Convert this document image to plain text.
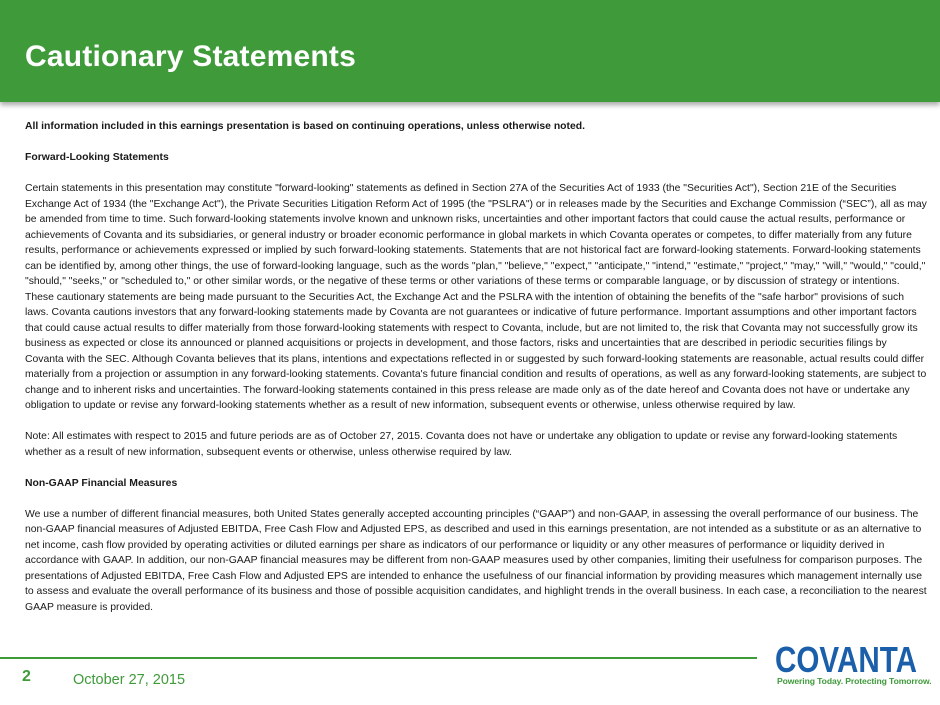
Cautionary Statements

All information included in this earnings presentation is based on continuing operations, unless otherwise noted.

Forward-Looking Statements

Certain statements in this presentation may constitute "forward-looking" statements as defined in Section 27A of the Securities Act of 1933 (the "Securities Act"), Section 21E of the Securities Exchange Act of 1934 (the "Exchange Act"), the Private Securities Litigation Reform Act of 1995 (the "PSLRA") or in releases made by the Securities and Exchange Commission (“SEC”), all as may be amended from time to time. Such forward-looking statements involve known and unknown risks, uncertainties and other important factors that could cause the actual results, performance or achievements of Covanta and its subsidiaries, or general industry or broader economic performance in global markets in which Covanta operates or competes, to differ materially from any future results, performance or achievements expressed or implied by such forward-looking statements. Statements that are not historical fact are forward-looking statements. Forward-looking statements can be identified by, among other things, the use of forward-looking language, such as the words "plan," "believe," "expect," "anticipate," "intend," "estimate," "project," "may," "will," "would," "could," "should," "seeks," or "scheduled to," or other similar words, or the negative of these terms or other variations of these terms or comparable language, or by discussion of strategy or intentions. These cautionary statements are being made pursuant to the Securities Act, the Exchange Act and the PSLRA with the intention of obtaining the benefits of the "safe harbor" provisions of such laws. Covanta cautions investors that any forward-looking statements made by Covanta are not guarantees or indicative of future performance. Important assumptions and other important factors that could cause actual results to differ materially from those forward-looking statements with respect to Covanta, include, but are not limited to, the risk that Covanta may not successfully grow its business as expected or close its announced or planned acquisitions or projects in development, and those factors, risks and uncertainties that are described in periodic securities filings by Covanta with the SEC. Although Covanta believes that its plans, intentions and expectations reflected in or suggested by such forward-looking statements are reasonable, actual results could differ materially from a projection or assumption in any forward-looking statements. Covanta's future financial condition and results of operations, as well as any forward-looking statements, are subject to change and to inherent risks and uncertainties. The forward-looking statements contained in this press release are made only as of the date hereof and Covanta does not have or undertake any obligation to update or revise any forward-looking statements whether as a result of new information, subsequent events or otherwise, unless otherwise required by law.

Note: All estimates with respect to 2015 and future periods are as of October 27, 2015. Covanta does not have or undertake any obligation to update or revise any forward-looking statements whether as a result of new information, subsequent events or otherwise, unless otherwise required by law.

Non-GAAP Financial Measures

We use a number of different financial measures, both United States generally accepted accounting principles (“GAAP”) and non-GAAP, in assessing the overall performance of our business. The non-GAAP financial measures of Adjusted EBITDA, Free Cash Flow and Adjusted EPS, as described and used in this earnings presentation, are not intended as a substitute or as an alternative to net income, cash flow provided by operating activities or diluted earnings per share as indicators of our performance or liquidity or any other measures of performance or liquidity derived in accordance with GAAP. In addition, our non-GAAP financial measures may be different from non-GAAP measures used by other companies, limiting their usefulness for comparison purposes. The presentations of Adjusted EBITDA, Free Cash Flow and Adjusted EPS are intended to enhance the usefulness of our financial information by providing measures which management internally use to assess and evaluate the overall performance of its business and those of possible acquisition candidates, and highlight trends in the overall business. In each case, a reconciliation to the nearest GAAP measure is provided.

2	October 27, 2015	COVANTA
Powering Today. Protecting Tomorrow.
